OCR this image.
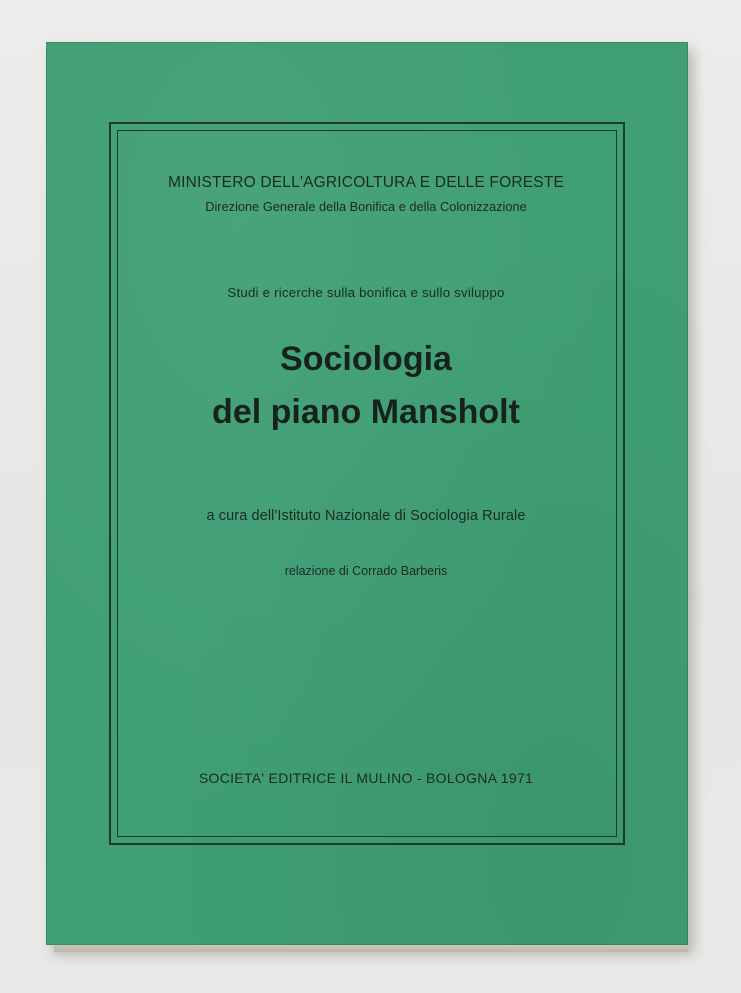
MINISTERO DELL'AGRICOLTURA E DELLE FORESTE

Direzione Generale della Bonifica e della Colonizzazione

Studi e ricerche sulla bonifica e sullo sviluppo

Sociologia

del piano Mansholt

a cura dell'Istituto Nazionale di Sociologia Rurale

relazione di Corrado Barberis

SOCIETA' EDITRICE IL MULINO - BOLOGNA 1971
